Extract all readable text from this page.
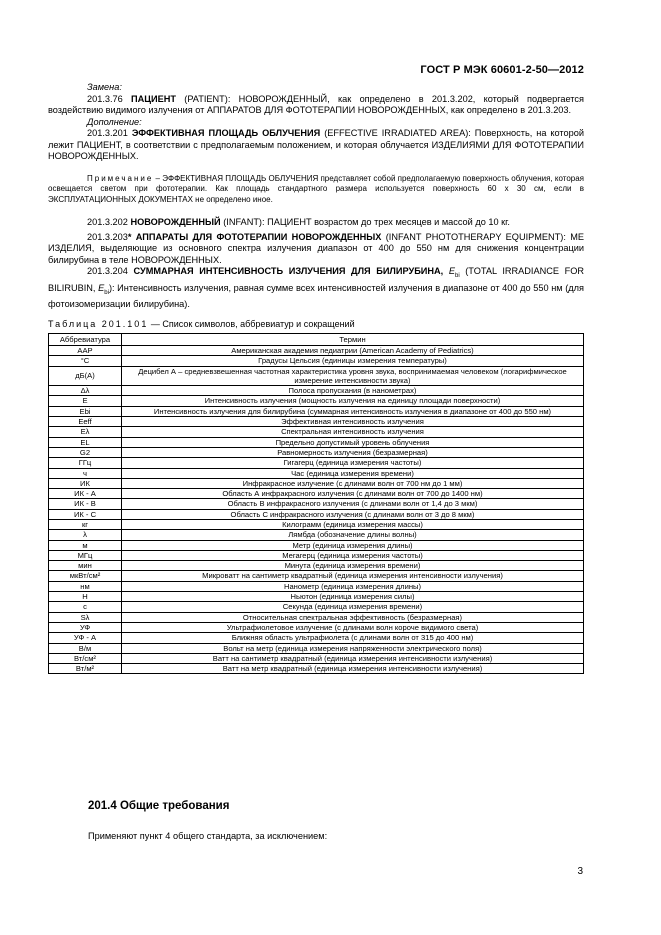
ГОСТ Р МЭК 60601-2-50—2012

Замена:

201.3.76 ПАЦИЕНТ (PATIENT): НОВОРОЖДЕННЫЙ, как определено в 201.3.202, который подвергается воздействию видимого излучения от АППАРАТОВ ДЛЯ ФОТОТЕРАПИИ НОВОРОЖДЕННЫХ, как определено в 201.3.203.

Дополнение:

201.3.201 ЭФФЕКТИВНАЯ ПЛОЩАДЬ ОБЛУЧЕНИЯ (EFFECTIVE IRRADIATED AREA): Поверхность, на которой лежит ПАЦИЕНТ, в соответствии с предполагаемым положением, и которая облучается ИЗДЕЛИЯМИ ДЛЯ ФОТОТЕРАПИИ НОВОРОЖДЕННЫХ.

Примечание – ЭФФЕКТИВНАЯ ПЛОЩАДЬ ОБЛУЧЕНИЯ представляет собой предполагаемую поверхность облучения, которая освещается светом при фототерапии. Как площадь стандартного размера используется поверхность 60 x 30 см, если в ЭКСПЛУАТАЦИОННЫХ ДОКУМЕНТАХ не определено иное.

201.3.202 НОВОРОЖДЕННЫЙ (INFANT): ПАЦИЕНТ возрастом до трех месяцев и массой до 10 кг.

201.3.203* АППАРАТЫ ДЛЯ ФОТОТЕРАПИИ НОВОРОЖДЕННЫХ (INFANT PHOTOTHERAPY EQUIPMENT): МЕ ИЗДЕЛИЯ, выделяющие из основного спектра излучения диапазон от 400 до 550 нм для снижения концентрации билирубина в теле НОВОРОЖДЕННЫХ.

201.3.204 СУММАРНАЯ ИНТЕНСИВНОСТЬ ИЗЛУЧЕНИЯ ДЛЯ БИЛИРУБИНА, $E_{bi}$ (TOTAL IRRADIANCE FOR BILIRUBIN, $E_{bi}$): Интенсивность излучения, равная сумме всех интенсивностей излучения в диапазоне от 400 до 550 нм (для фотоизомеризации билирубина).

Таблица 201.101 — Список символов, аббревиатур и сокращений

Аббревиатура	Термин
AAP	Американская академия педиатрии (American Academy of Pediatrics)
°C	Градусы Цельсия (единицы измерения температуры)
дБ(А)	Децибел А – средневзвешенная частотная характеристика уровня звука, воспринимаемая человеком (логарифмическое измерение интенсивности звука)
Δλ	Полоса пропускания (в нанометрах)
E	Интенсивность излучения (мощность излучения на единицу площади поверхности)
Ebi	Интенсивность излучения для билирубина (суммарная интенсивность излучения в диапазоне от 400 до 550 нм)
Eeff	Эффективная интенсивность излучения
Eλ	Спектральная интенсивность излучения
EL	Предельно допустимый уровень облучения
G2	Равномерность излучения (безразмерная)
ГГц	Гигагерц (единица измерения частоты)
ч	Час (единица измерения времени)
ИК	Инфракрасное излучение (с длинами волн от 700 нм до 1 мм)
ИК - А	Область А инфракрасного излучения (с длинами волн от 700 до 1400 нм)
ИК - В	Область В инфракрасного излучения (с длинами волн от 1,4 до 3 мкм)
ИК - С	Область С инфракрасного излучения (с длинами волн от 3 до 8 мкм)
кг	Килограмм (единица измерения массы)
λ	Лямбда (обозначение длины волны)
м	Метр (единица измерения длины)
МГц	Мегагерц (единица измерения частоты)
мин	Минута (единица измерения времени)
мкВт/см²	Микроватт на сантиметр квадратный (единица измерения интенсивности излучения)
нм	Нанометр (единица измерения длины)
Н	Ньютон (единица измерения силы)
с	Секунда (единица измерения времени)
Sλ	Относительная спектральная эффективность (безразмерная)
УФ	Ультрафиолетовое излучение (с длинами волн короче видимого света)
УФ - А	Ближняя область ультрафиолета (с длинами волн от 315 до 400 нм)
В/м	Вольт на метр (единица измерения напряженности электрического поля)
Вт/см²	Ватт на сантиметр квадратный (единица измерения интенсивности излучения)
Вт/м²	Ватт на метр квадратный (единица измерения интенсивности излучения)
201.4 Общие требования
Применяют пункт 4 общего стандарта, за исключением:
3
